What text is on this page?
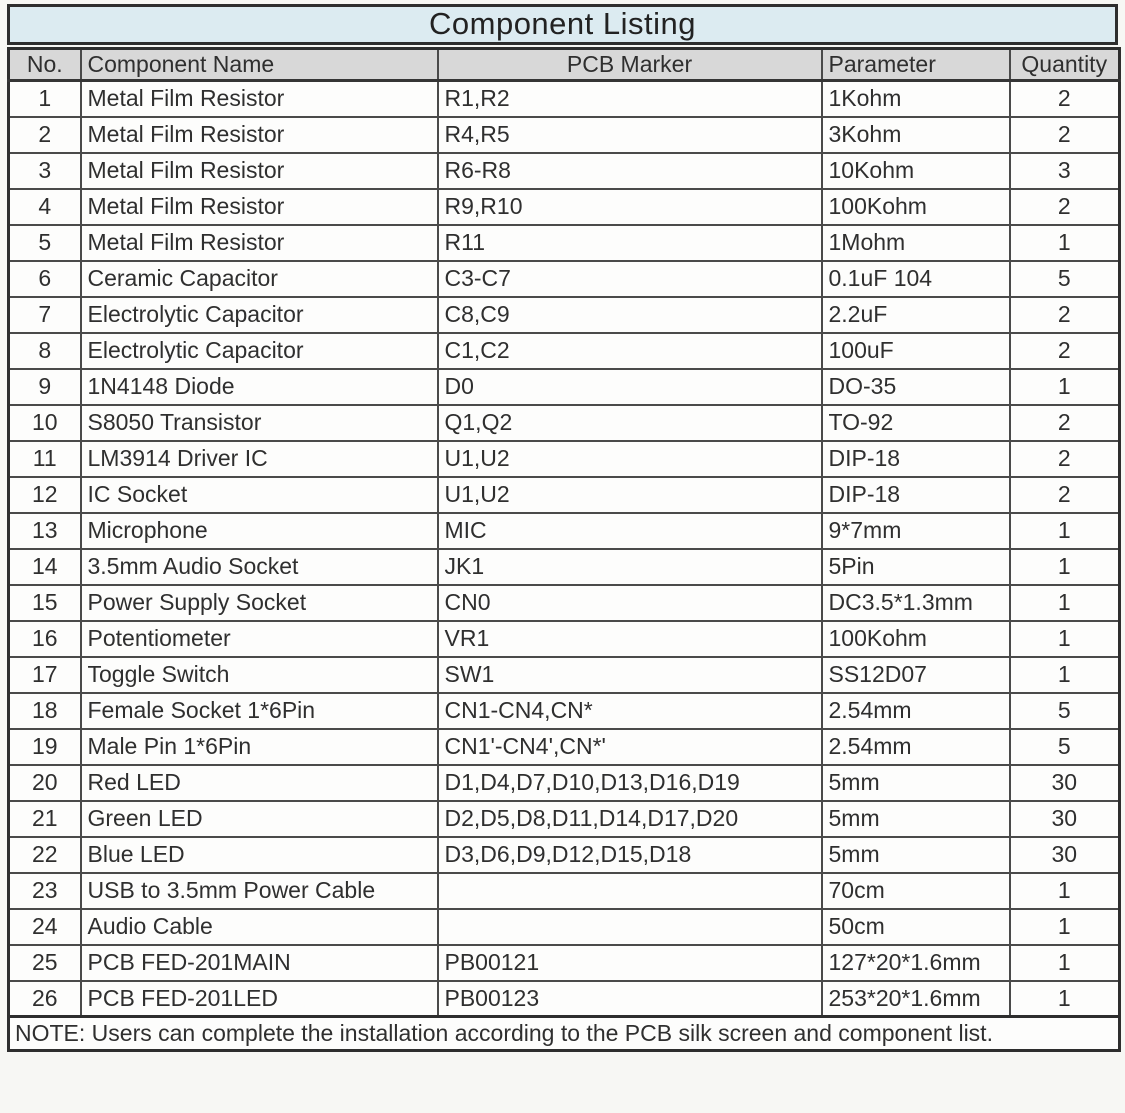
Component Listing
No.	Component Name	PCB Marker	Parameter	Quantity
1	Metal Film Resistor	R1,R2	1Kohm	2
2	Metal Film Resistor	R4,R5	3Kohm	2
3	Metal Film Resistor	R6-R8	10Kohm	3
4	Metal Film Resistor	R9,R10	100Kohm	2
5	Metal Film Resistor	R11	1Mohm	1
6	Ceramic Capacitor	C3-C7	0.1uF 104	5
7	Electrolytic Capacitor	C8,C9	2.2uF	2
8	Electrolytic Capacitor	C1,C2	100uF	2
9	1N4148 Diode	D0	DO-35	1
10	S8050 Transistor	Q1,Q2	TO-92	2
11	LM3914 Driver IC	U1,U2	DIP-18	2
12	IC Socket	U1,U2	DIP-18	2
13	Microphone	MIC	9*7mm	1
14	3.5mm Audio Socket	JK1	5Pin	1
15	Power Supply Socket	CN0	DC3.5*1.3mm	1
16	Potentiometer	VR1	100Kohm	1
17	Toggle Switch	SW1	SS12D07	1
18	Female Socket 1*6Pin	CN1-CN4,CN*	2.54mm	5
19	Male Pin 1*6Pin	CN1'-CN4',CN*'	2.54mm	5
20	Red LED	D1,D4,D7,D10,D13,D16,D19	5mm	30
21	Green LED	D2,D5,D8,D11,D14,D17,D20	5mm	30
22	Blue LED	D3,D6,D9,D12,D15,D18	5mm	30
23	USB to 3.5mm Power Cable		70cm	1
24	Audio Cable		50cm	1
25	PCB FED-201MAIN	PB00121	127*20*1.6mm	1
26	PCB FED-201LED	PB00123	253*20*1.6mm	1
NOTE: Users can complete the installation according to the PCB silk screen and component list.				
